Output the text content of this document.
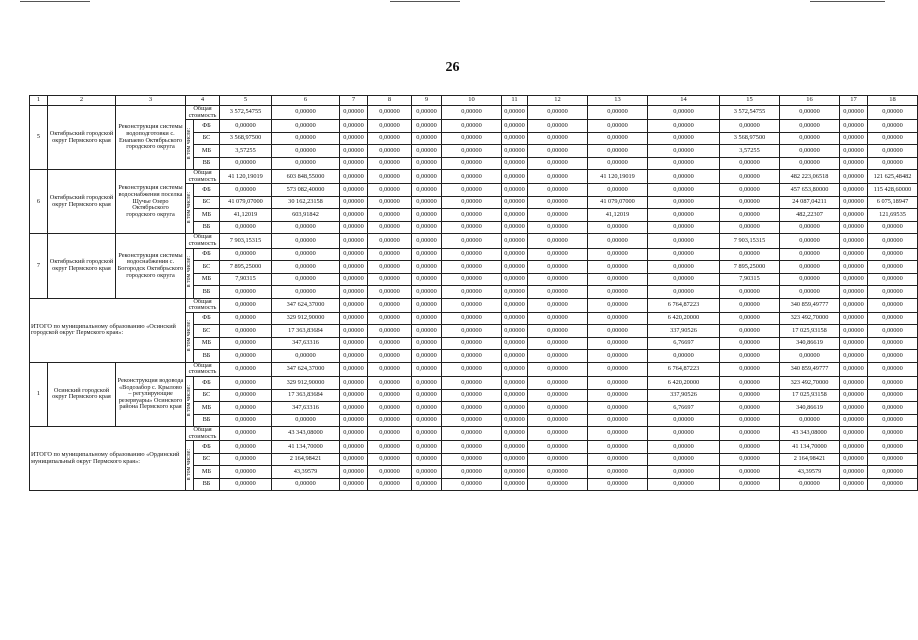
26
1	2	3	4		5	6	7	8	9	10	11	12	13	14	15	16	17	18
5	Октябрьский городской округ Пермского края	Реконструкция системы водоподготовки с. Енапаево Октябрьского городского округа	Общая стоимость		3 572,54755	0,00000	0,00000	0,00000	0,00000	0,00000	0,00000	0,00000	0,00000	0,00000	3 572,54755	0,00000	0,00000	0,00000
			в том числе:	ФБ	0,00000	0,00000	0,00000	0,00000	0,00000	0,00000	0,00000	0,00000	0,00000	0,00000	0,00000	0,00000	0,00000	0,00000
				БС	3 568,97500	0,00000	0,00000	0,00000	0,00000	0,00000	0,00000	0,00000	0,00000	0,00000	3 568,97500	0,00000	0,00000	0,00000
				МБ	3,57255	0,00000	0,00000	0,00000	0,00000	0,00000	0,00000	0,00000	0,00000	0,00000	3,57255	0,00000	0,00000	0,00000
				ВБ	0,00000	0,00000	0,00000	0,00000	0,00000	0,00000	0,00000	0,00000	0,00000	0,00000	0,00000	0,00000	0,00000	0,00000
6	Октябрьский городской округ Пермского края	Реконструкция системы водоснабжения поселка Щучье Озеро Октябрьского городского округа	Общая стоимость		41 120,19019	603 848,55000	0,00000	0,00000	0,00000	0,00000	0,00000	0,00000	41 120,19019	0,00000	0,00000	482 223,06518	0,00000	121 625,48482
			в том числе:	ФБ	0,00000	573 082,40000	0,00000	0,00000	0,00000	0,00000	0,00000	0,00000	0,00000	0,00000	0,00000	457 653,80000	0,00000	115 428,60000
				БС	41 079,07000	30 162,23158	0,00000	0,00000	0,00000	0,00000	0,00000	0,00000	41 079,07000	0,00000	0,00000	24 087,04211	0,00000	6 075,18947
				МБ	41,12019	603,91842	0,00000	0,00000	0,00000	0,00000	0,00000	0,00000	41,12019	0,00000	0,00000	482,22307	0,00000	121,69535
				ВБ	0,00000	0,00000	0,00000	0,00000	0,00000	0,00000	0,00000	0,00000	0,00000	0,00000	0,00000	0,00000	0,00000	0,00000
7	Октябрьский городской округ Пермского края	Реконструкция системы водоснабжения с. Богородск Октябрьского городского округа	Общая стоимость		7 903,15315	0,00000	0,00000	0,00000	0,00000	0,00000	0,00000	0,00000	0,00000	0,00000	7 903,15315	0,00000	0,00000	0,00000
			в том числе:	ФБ	0,00000	0,00000	0,00000	0,00000	0,00000	0,00000	0,00000	0,00000	0,00000	0,00000	0,00000	0,00000	0,00000	0,00000
				БС	7 895,25000	0,00000	0,00000	0,00000	0,00000	0,00000	0,00000	0,00000	0,00000	0,00000	7 895,25000	0,00000	0,00000	0,00000
				МБ	7,90315	0,00000	0,00000	0,00000	0,00000	0,00000	0,00000	0,00000	0,00000	0,00000	7,90315	0,00000	0,00000	0,00000
				ВБ	0,00000	0,00000	0,00000	0,00000	0,00000	0,00000	0,00000	0,00000	0,00000	0,00000	0,00000	0,00000	0,00000	0,00000
ИТОГО по муниципальному образованию «Осинский городской округ Пермского края»:			Общая стоимость		0,00000	347 624,37000	0,00000	0,00000	0,00000	0,00000	0,00000	0,00000	0,00000	6 764,87223	0,00000	340 859,49777	0,00000	0,00000
			в том числе:	ФБ	0,00000	329 912,90000	0,00000	0,00000	0,00000	0,00000	0,00000	0,00000	0,00000	6 420,20000	0,00000	323 492,70000	0,00000	0,00000
				БС	0,00000	17 363,83684	0,00000	0,00000	0,00000	0,00000	0,00000	0,00000	0,00000	337,90526	0,00000	17 025,93158	0,00000	0,00000
				МБ	0,00000	347,63316	0,00000	0,00000	0,00000	0,00000	0,00000	0,00000	0,00000	6,76697	0,00000	340,86619	0,00000	0,00000
				ВБ	0,00000	0,00000	0,00000	0,00000	0,00000	0,00000	0,00000	0,00000	0,00000	0,00000	0,00000	0,00000	0,00000	0,00000
1	Осинский городской округ Пермского края	Реконструкция водовода «Водозабор с. Крылово – регулирующие резервуары» Осинского района Пермского края	Общая стоимость		0,00000	347 624,37000	0,00000	0,00000	0,00000	0,00000	0,00000	0,00000	0,00000	6 764,87223	0,00000	340 859,49777	0,00000	0,00000
			в том числе:	ФБ	0,00000	329 912,90000	0,00000	0,00000	0,00000	0,00000	0,00000	0,00000	0,00000	6 420,20000	0,00000	323 492,70000	0,00000	0,00000
				БС	0,00000	17 363,83684	0,00000	0,00000	0,00000	0,00000	0,00000	0,00000	0,00000	337,90526	0,00000	17 025,93158	0,00000	0,00000
				МБ	0,00000	347,63316	0,00000	0,00000	0,00000	0,00000	0,00000	0,00000	0,00000	6,76697	0,00000	340,86619	0,00000	0,00000
				ВБ	0,00000	0,00000	0,00000	0,00000	0,00000	0,00000	0,00000	0,00000	0,00000	0,00000	0,00000	0,00000	0,00000	0,00000
ИТОГО по муниципальному образованию «Ординский муниципальный округ Пермского края»:			Общая стоимость		0,00000	43 343,08000	0,00000	0,00000	0,00000	0,00000	0,00000	0,00000	0,00000	0,00000	0,00000	43 343,08000	0,00000	0,00000
			в том числе:	ФБ	0,00000	41 134,70000	0,00000	0,00000	0,00000	0,00000	0,00000	0,00000	0,00000	0,00000	0,00000	41 134,70000	0,00000	0,00000
				БС	0,00000	2 164,98421	0,00000	0,00000	0,00000	0,00000	0,00000	0,00000	0,00000	0,00000	0,00000	2 164,98421	0,00000	0,00000
				МБ	0,00000	43,39579	0,00000	0,00000	0,00000	0,00000	0,00000	0,00000	0,00000	0,00000	0,00000	43,39579	0,00000	0,00000
				ВБ	0,00000	0,00000	0,00000	0,00000	0,00000	0,00000	0,00000	0,00000	0,00000	0,00000	0,00000	0,00000	0,00000	0,00000
